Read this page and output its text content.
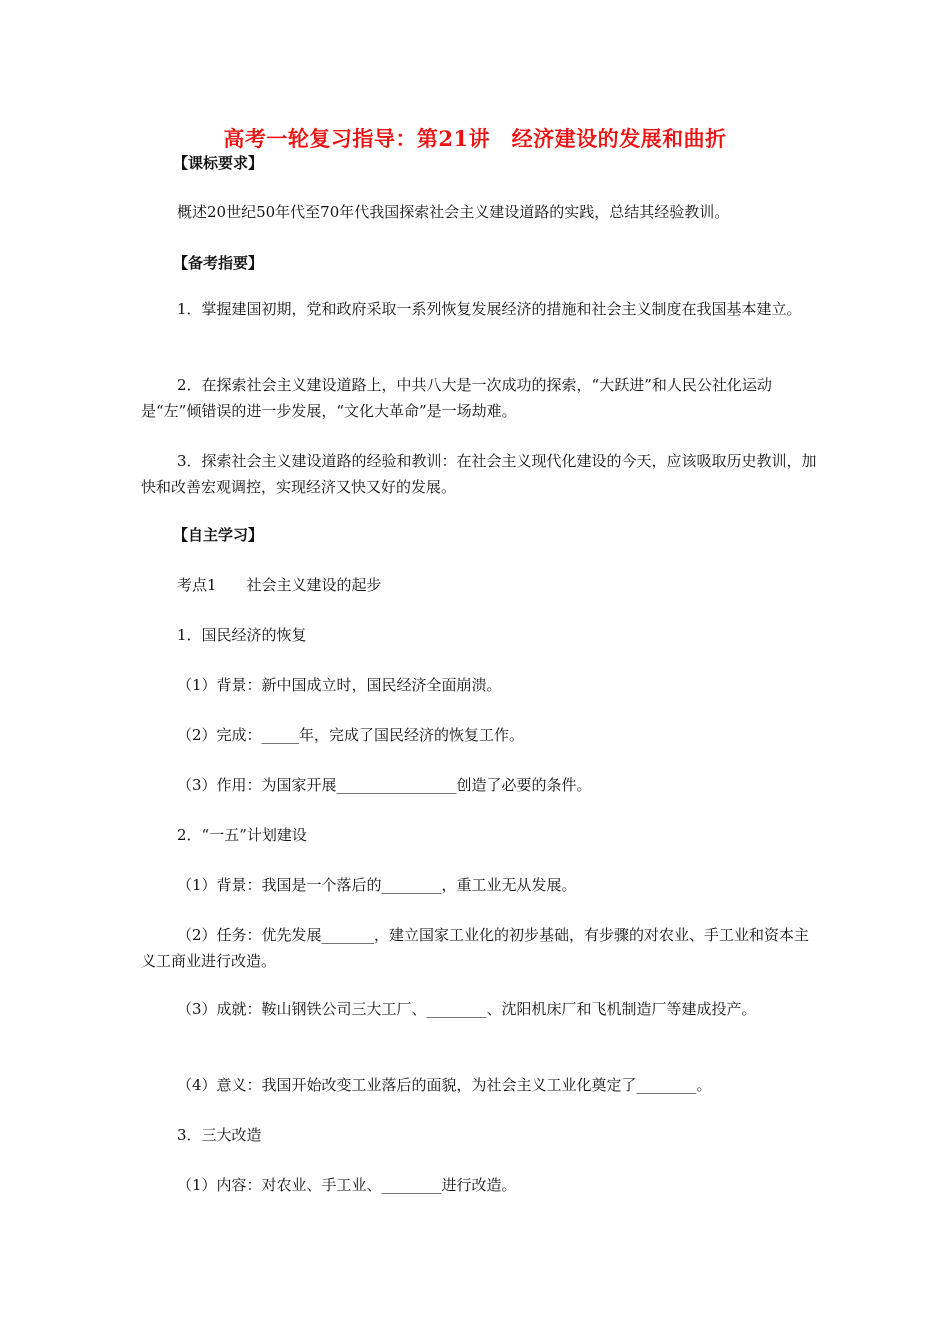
高考一轮复习指导：第21讲　经济建设的发展和曲折
【课标要求】
概述20世纪50年代至70年代我国探索社会主义建设道路的实践，总结其经验教训。
【备考指要】
1．掌握建国初期，党和政府采取一系列恢复发展经济的措施和社会主义制度在我国基本建立。
2．在探索社会主义建设道路上，中共八大是一次成功的探索，“大跃进”和人民公社化运动是“左”倾错误的进一步发展，“文化大革命”是一场劫难。
3．探索社会主义建设道路的经验和教训：在社会主义现代化建设的今天，应该吸取历史教训，加快和改善宏观调控，实现经济又快又好的发展。
【自主学习】
考点1　　社会主义建设的起步
1．国民经济的恢复
（1）背景：新中国成立时，国民经济全面崩溃。
（2）完成：_____年，完成了国民经济的恢复工作。
（3）作用：为国家开展________________创造了必要的条件。
2．“一五”计划建设
（1）背景：我国是一个落后的________，重工业无从发展。
（2）任务：优先发展_______，建立国家工业化的初步基础，有步骤的对农业、手工业和资本主义工商业进行改造。
（3）成就：鞍山钢铁公司三大工厂、________、沈阳机床厂和飞机制造厂等建成投产。
（4）意义：我国开始改变工业落后的面貌，为社会主义工业化奠定了________。
3．三大改造
（1）内容：对农业、手工业、________进行改造。
